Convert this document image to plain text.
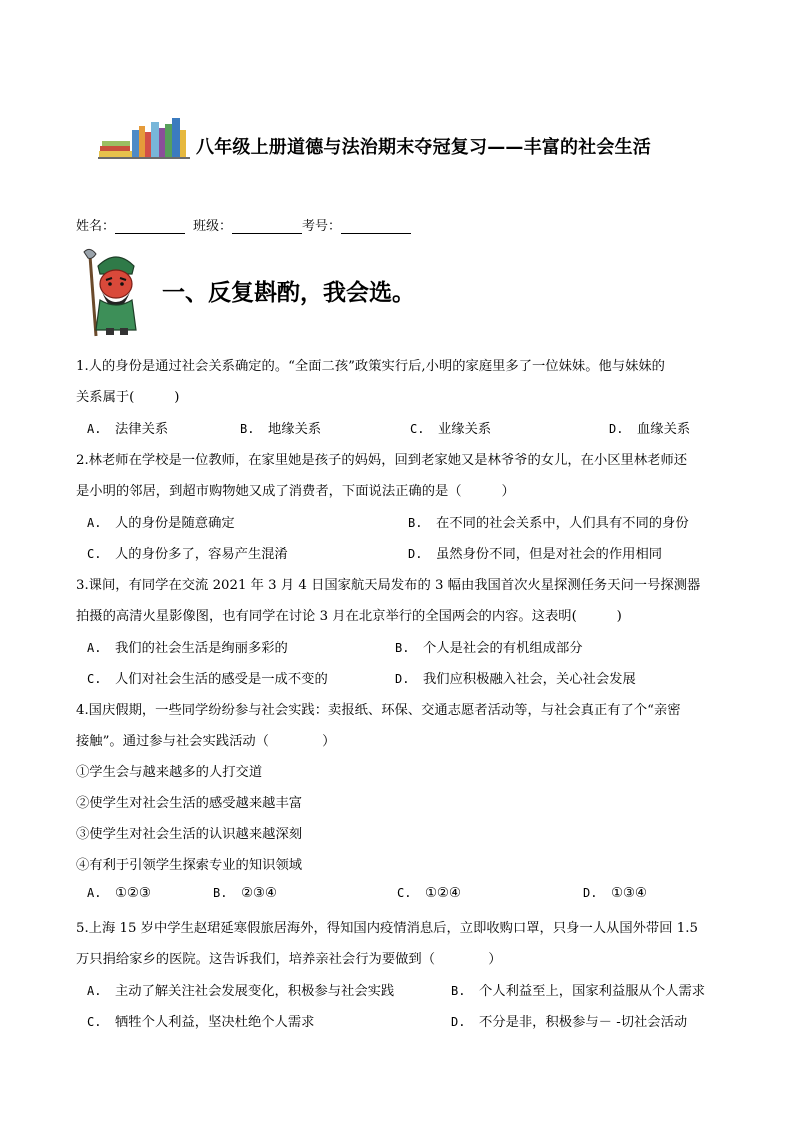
八年级上册道德与法治期末夺冠复习——丰富的社会生活
姓名：	班级：	考号：
一、反复斟酌，我会选。
1.人的身份是通过社会关系确定的。“全面二孩”政策实行后,小明的家庭里多了一位妹妹。他与妹妹的
关系属于(　　　)
A. 法律关系	B. 地缘关系	C. 业缘关系	D. 血缘关系
2.林老师在学校是一位教师，在家里她是孩子的妈妈，回到老家她又是林爷爷的女儿，在小区里林老师还
是小明的邻居，到超市购物她又成了消费者，下面说法正确的是（　　　）
A. 人的身份是随意确定	B. 在不同的社会关系中，人们具有不同的身份
C. 人的身份多了，容易产生混淆	D. 虽然身份不同，但是对社会的作用相同
3.课间，有同学在交流 2021 年 3 月 4 日国家航天局发布的 3 幅由我国首次火星探测任务天问一号探测器
拍摄的高清火星影像图，也有同学在讨论 3 月在北京举行的全国两会的内容。这表明(　　　)
A. 我们的社会生活是绚丽多彩的	B. 个人是社会的有机组成部分
C. 人们对社会生活的感受是一成不变的	D. 我们应积极融入社会，关心社会发展
4.国庆假期，一些同学纷纷参与社会实践：卖报纸、环保、交通志愿者活动等，与社会真正有了个“亲密
接触”。通过参与社会实践活动（　　　　）
①学生会与越来越多的人打交道
②使学生对社会生活的感受越来越丰富
③使学生对社会生活的认识越来越深刻
④有利于引领学生探索专业的知识领域
A. ①②③	B. ②③④	C. ①②④	D. ①③④
5.上海 15 岁中学生赵珺延寒假旅居海外，得知国内疫情消息后，立即收购口罩，只身一人从国外带回 1.5
万只捐给家乡的医院。这告诉我们，培养亲社会行为要做到（　　　　）
A. 主动了解关注社会发展变化，积极参与社会实践	B. 个人利益至上，国家利益服从个人需求
C. 牺牲个人利益，坚决杜绝个人需求	D. 不分是非，积极参与－ -切社会活动
